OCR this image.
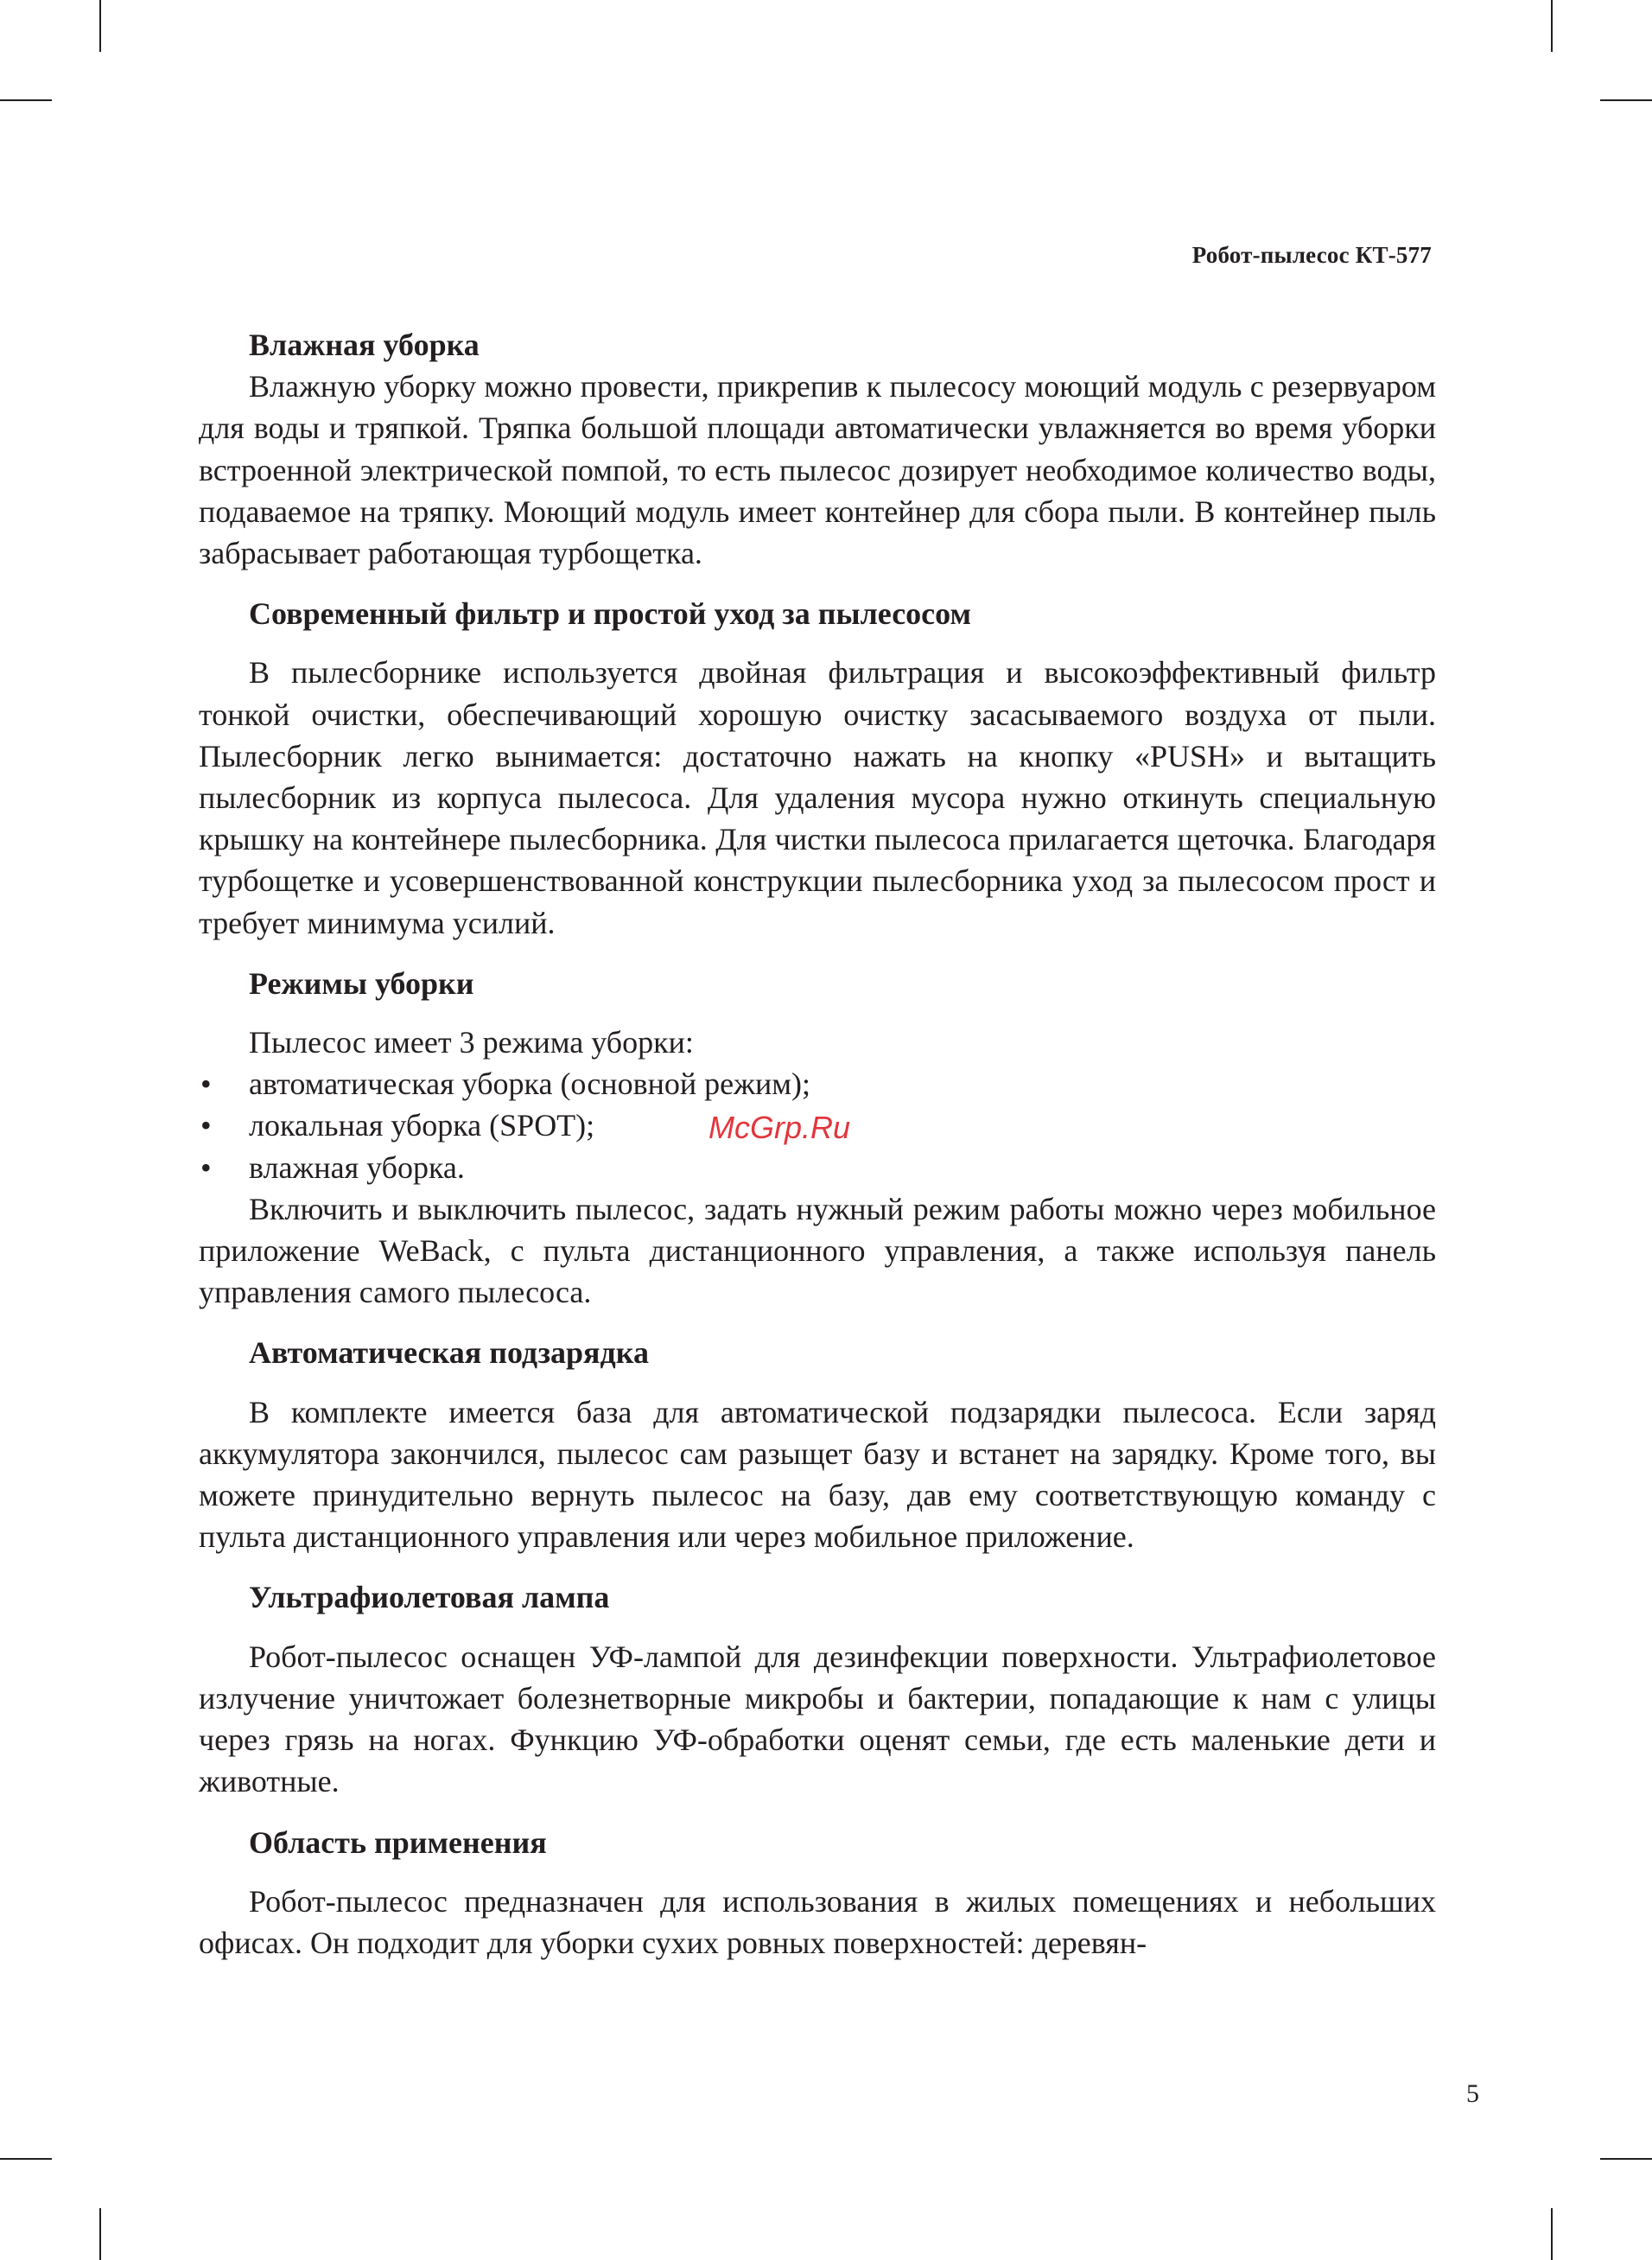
Робот-пылесос КТ-577
Влажная уборка

Влажную уборку можно провести, прикрепив к пылесосу моющий модуль с резервуаром для воды и тряпкой. Тряпка большой площади автоматически увлажняется во время уборки встроенной электрической помпой, то есть пылесос дозирует необходимое количество воды, подаваемое на тряпку. Моющий модуль имеет контейнер для сбора пыли. В контейнер пыль забрасывает работающая турбощетка.

Современный фильтр и простой уход за пылесосом

В пылесборнике используется двойная фильтрация и высокоэффективный фильтр тонкой очистки, обеспечивающий хорошую очистку засасываемого воздуха от пыли. Пылесборник легко вынимается: достаточно нажать на кнопку «PUSH» и вытащить пылесборник из корпуса пылесоса. Для удаления мусора нужно откинуть специальную крышку на контейнере пылесборника. Для чистки пылесоса прилагается щеточка. Благодаря турбощетке и усовершенствованной конструкции пылесборника уход за пылесосом прост и требует минимума усилий.

Режимы уборки

Пылесос имеет 3 режима уборки:

• автоматическая уборка (основной режим);
• локальная уборка (SPOT);
• влажная уборка.

Включить и выключить пылесос, задать нужный режим работы можно через мобильное приложение WeBack, с пульта дистанционного управления, а также используя панель управления самого пылесоса.

Автоматическая подзарядка

В комплекте имеется база для автоматической подзарядки пылесоса. Если заряд аккумулятора закончился, пылесос сам разыщет базу и встанет на зарядку. Кроме того, вы можете принудительно вернуть пылесос на базу, дав ему соответствующую команду с пульта дистанционного управления или через мобильное приложение.

Ультрафиолетовая лампа

Робот-пылесос оснащен УФ-лампой для дезинфекции поверхности. Ультрафиолетовое излучение уничтожает болезнетворные микробы и бактерии, попадающие к нам с улицы через грязь на ногах. Функцию УФ-обработки оценят семьи, где есть маленькие дети и животные.

Область применения

Робот-пылесос предназначен для использования в жилых помещениях и небольших офисах. Он подходит для уборки сухих ровных поверхностей: деревян-

McGrp.Ru
5
